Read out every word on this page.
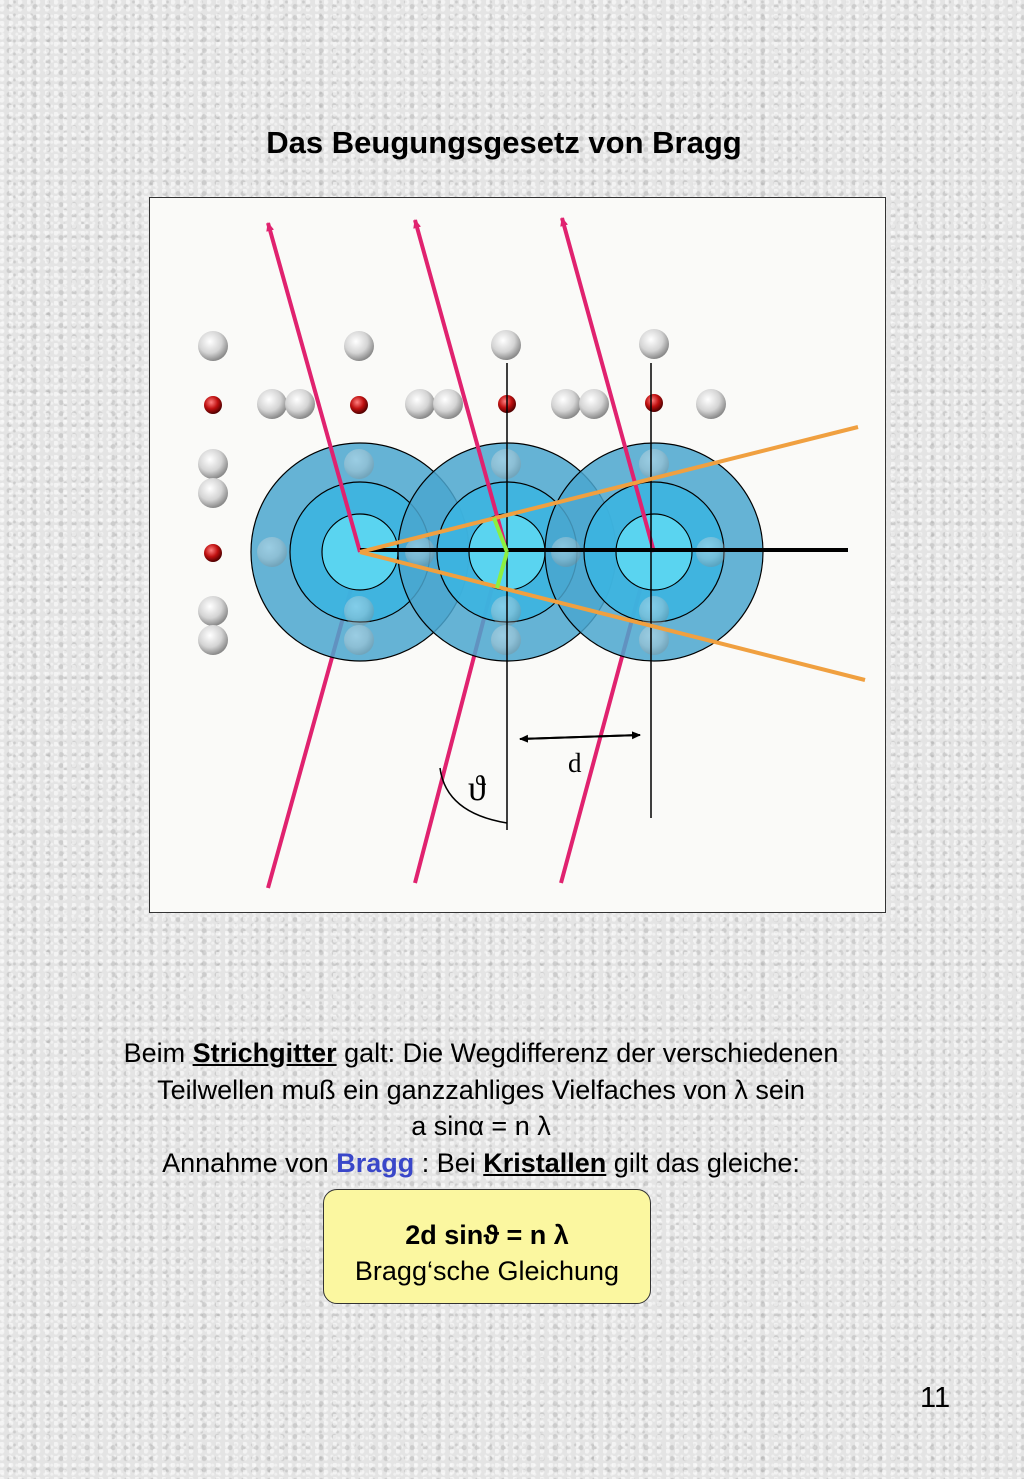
Das Beugungsgesetz von Bragg
d
ϑ
Beim Strichgitter galt: Die Wegdifferenz der verschiedenen
Teilwellen muß ein ganzzahliges Vielfaches von λ sein
a sinα = n λ
Annahme von Bragg : Bei Kristallen gilt das gleiche:
2d sinϑ = n λ
Bragg‘sche Gleichung
11
